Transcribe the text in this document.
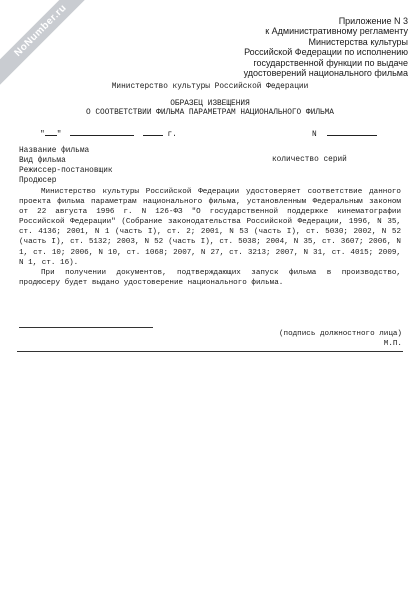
NoNumber.ru	Приложение N 3
к Административному регламенту
Министерства культуры
Российской Федерации по исполнению
государственной функции по выдаче
удостоверений национального фильма
Министерство культуры Российской Федерации
ОБРАЗЕЦ ИЗВЕЩЕНИЯ
О СООТВЕТСТВИИ ФИЛЬМА ПАРАМЕТРАМ НАЦИОНАЛЬНОГО ФИЛЬМА
" "	г.	N
Название фильма
Вид фильма
Режиссер-постановщик
Продюсер
количество серий

Министерство культуры Российской Федерации удостоверяет соответствие данного проекта фильма параметрам национального фильма, установленным Федеральным законом от 22 августа 1996 г. N 126-ФЗ "О государственной поддержке кинематографии Российской Федерации" (Собрание законодательства Российской Федерации, 1996, N 35, ст. 4136; 2001, N 1 (часть I), ст. 2; 2001, N 53 (часть I), ст. 5030; 2002, N 52 (часть I), ст. 5132; 2003, N 52 (часть I), ст. 5038; 2004, N 35, ст. 3607; 2006, N 1, ст. 10; 2006, N 10, ст. 1068; 2007, N 27, ст. 3213; 2007, N 31, ст. 4015; 2009, N 1, ст. 16).

При получении документов, подтверждающих запуск фильма в производство, продюсеру будет выдано удостоверение национального фильма.

(подпись должностного лица)
М.П.
